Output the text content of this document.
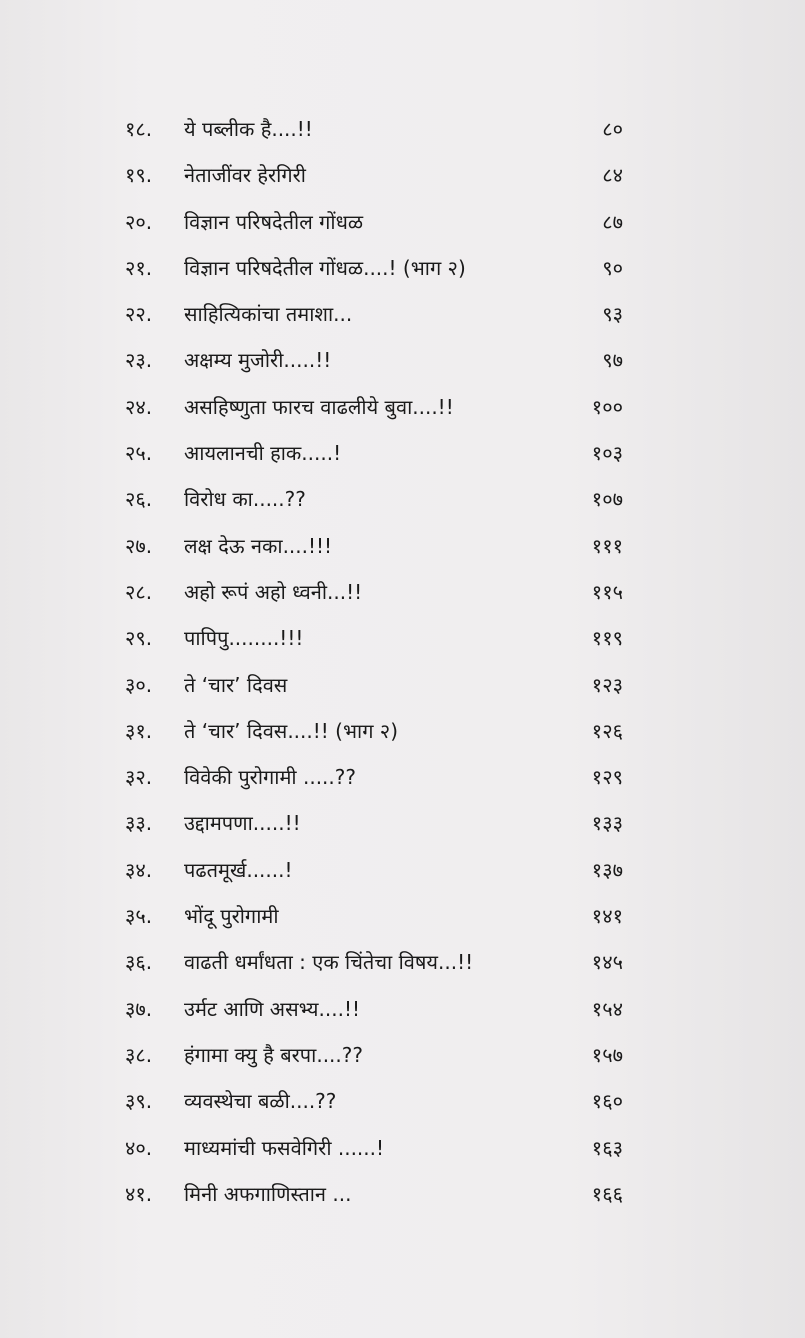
१८. ये पब्लीक है....!!	८०
१९. नेताजींवर हेरगिरी	८४
२०. विज्ञान परिषदेतील गोंधळ	८७
२१. विज्ञान परिषदेतील गोंधळ....! (भाग २)	९०
२२. साहित्यिकांचा तमाशा...	९३
२३. अक्षम्य मुजोरी.....!!	९७
२४. असहिष्णुता फारच वाढलीये बुवा....!!	१००
२५. आयलानची हाक.....!	१०३
२६. विरोध का.....??	१०७
२७. लक्ष देऊ नका....!!!	१११
२८. अहो रूपं अहो ध्वनी...!!	११५
२९. पापिपु........!!!	११९
३०. ते ‘चार’ दिवस	१२३
३१. ते ‘चार’ दिवस....!! (भाग २)	१२६
३२. विवेकी पुरोगामी .....??	१२९
३३. उद्दामपणा.....!!	१३३
३४. पढतमूर्ख......!	१३७
३५. भोंदू पुरोगामी	१४१
३६. वाढती धर्मांधता : एक चिंतेचा विषय...!!	१४५
३७. उर्मट आणि असभ्य....!!	१५४
३८. हंगामा क्यु है बरपा....??	१५७
३९. व्यवस्थेचा बळी....??	१६०
४०. माध्यमांची फसवेगिरी ......!	१६३
४१. मिनी अफगाणिस्तान ...	१६६
